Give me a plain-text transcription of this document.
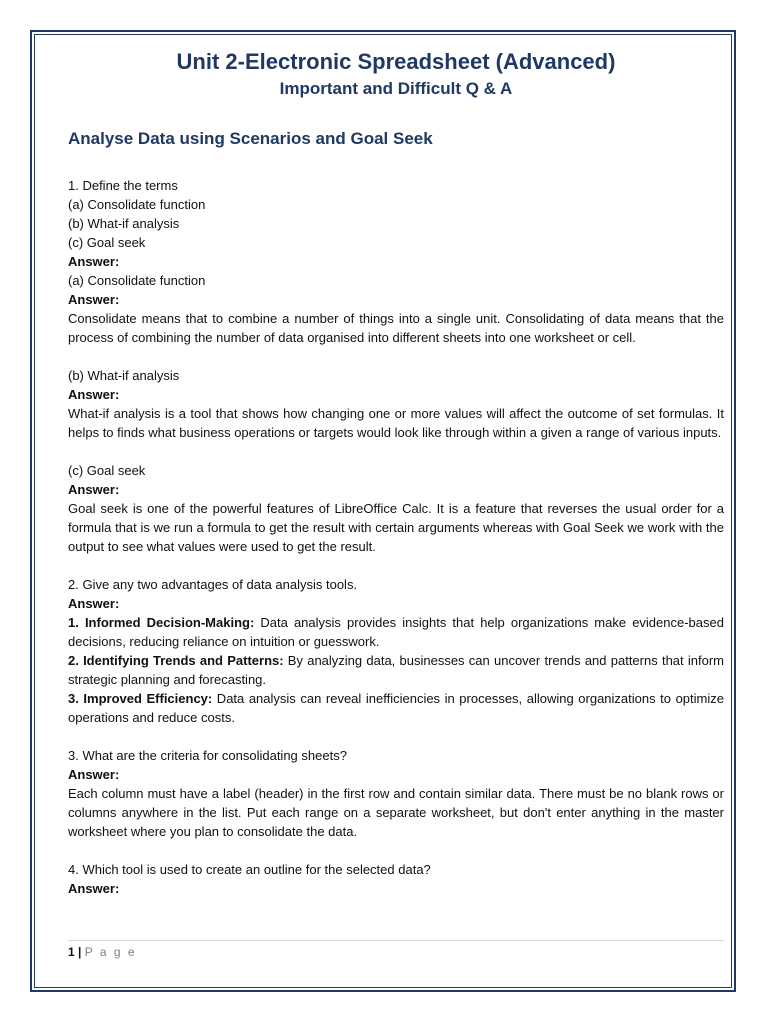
Unit 2-Electronic Spreadsheet (Advanced)
Important and Difficult Q & A
Analyse Data using Scenarios and Goal Seek

1. Define the terms

(a) Consolidate function

(b) What-if analysis

(c) Goal seek

Answer:

(a) Consolidate function

Answer:

Consolidate means that to combine a number of things into a single unit. Consolidating of data means that the process of combining the number of data organised into different sheets into one worksheet or cell.

(b) What-if analysis

Answer:

What-if analysis is a tool that shows how changing one or more values will affect the outcome of set formulas. It helps to finds what business operations or targets would look like through within a given a range of various inputs.

(c) Goal seek

Answer:

Goal seek is one of the powerful features of LibreOffice Calc. It is a feature that reverses the usual order for a formula that is we run a formula to get the result with certain arguments whereas with Goal Seek we work with the output to see what values were used to get the result.

2. Give any two advantages of data analysis tools.

Answer:

1. Informed Decision-Making: Data analysis provides insights that help organizations make evidence-based decisions, reducing reliance on intuition or guesswork.

2. Identifying Trends and Patterns: By analyzing data, businesses can uncover trends and patterns that inform strategic planning and forecasting.

3. Improved Efficiency: Data analysis can reveal inefficiencies in processes, allowing organizations to optimize operations and reduce costs.

3. What are the criteria for consolidating sheets?

Answer:

Each column must have a label (header) in the first row and contain similar data. There must be no blank rows or columns anywhere in the list. Put each range on a separate worksheet, but don't enter anything in the master worksheet where you plan to consolidate the data.

4. Which tool is used to create an outline for the selected data?

Answer:

1 | P a g e
